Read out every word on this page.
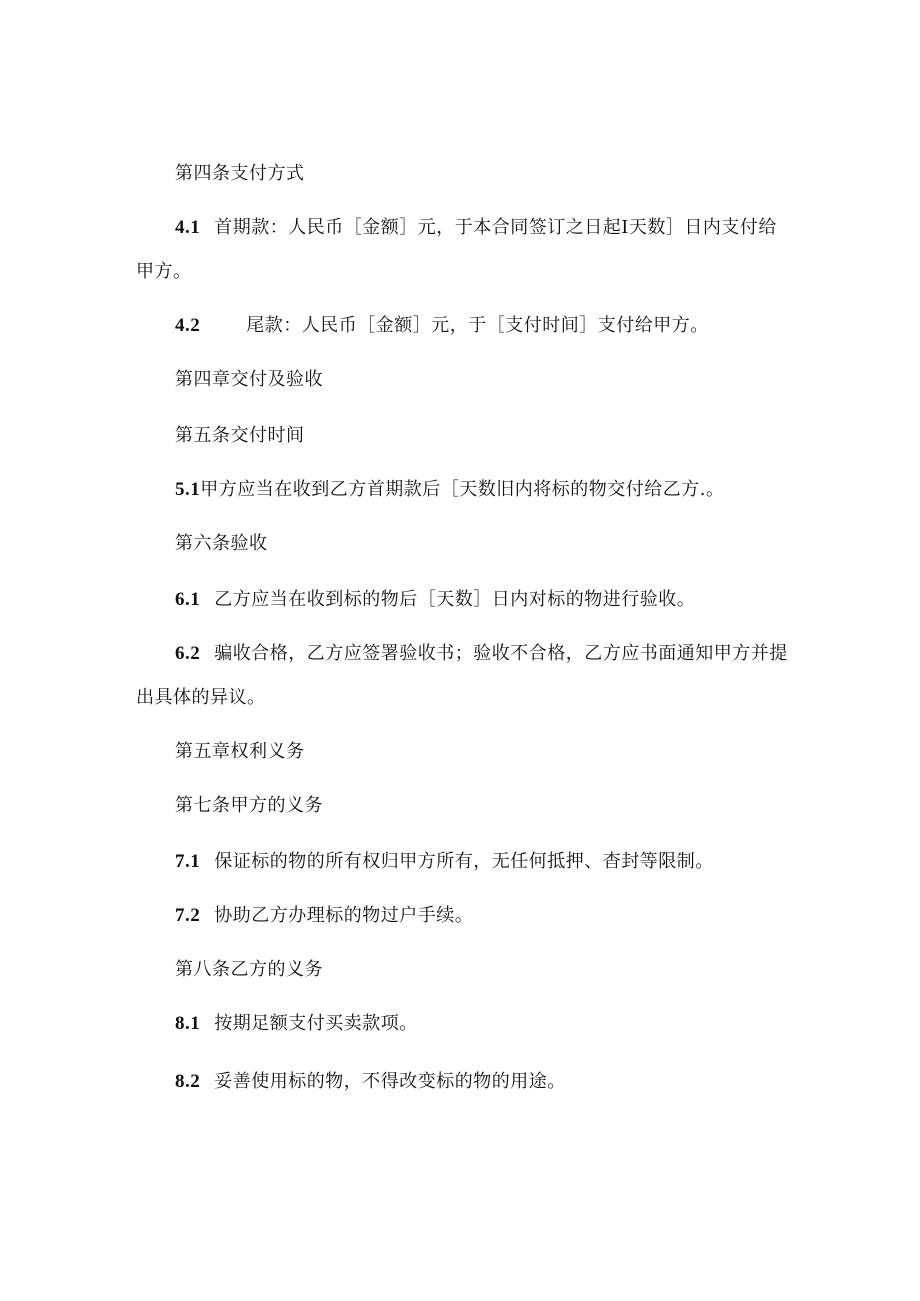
第四条支付方式
4.1 首期款：人民币［金额］元，于本合同签订之日起I天数］日内支付给
甲方。
4.2	尾款：人民币［金额］元，于［支付时间］支付给甲方。
第四章交付及验收
第五条交付时间
5.1甲方应当在收到乙方首期款后［天数旧内将标的物交付给乙方.。
第六条验收
6.1 乙方应当在收到标的物后［天数］日内对标的物进行验收。
6.2 骗收合格，乙方应签署验收书；验收不合格，乙方应书面通知甲方并提
出具体的异议。
第五章权利义务
第七条甲方的义务
7.1 保证标的物的所有权归甲方所有，无任何抵押、杳封等限制。
7.2 协助乙方办理标的物过户手续。
第八条乙方的义务
8.1 按期足额支付买卖款项。
8.2 妥善使用标的物，不得改变标的物的用途。
